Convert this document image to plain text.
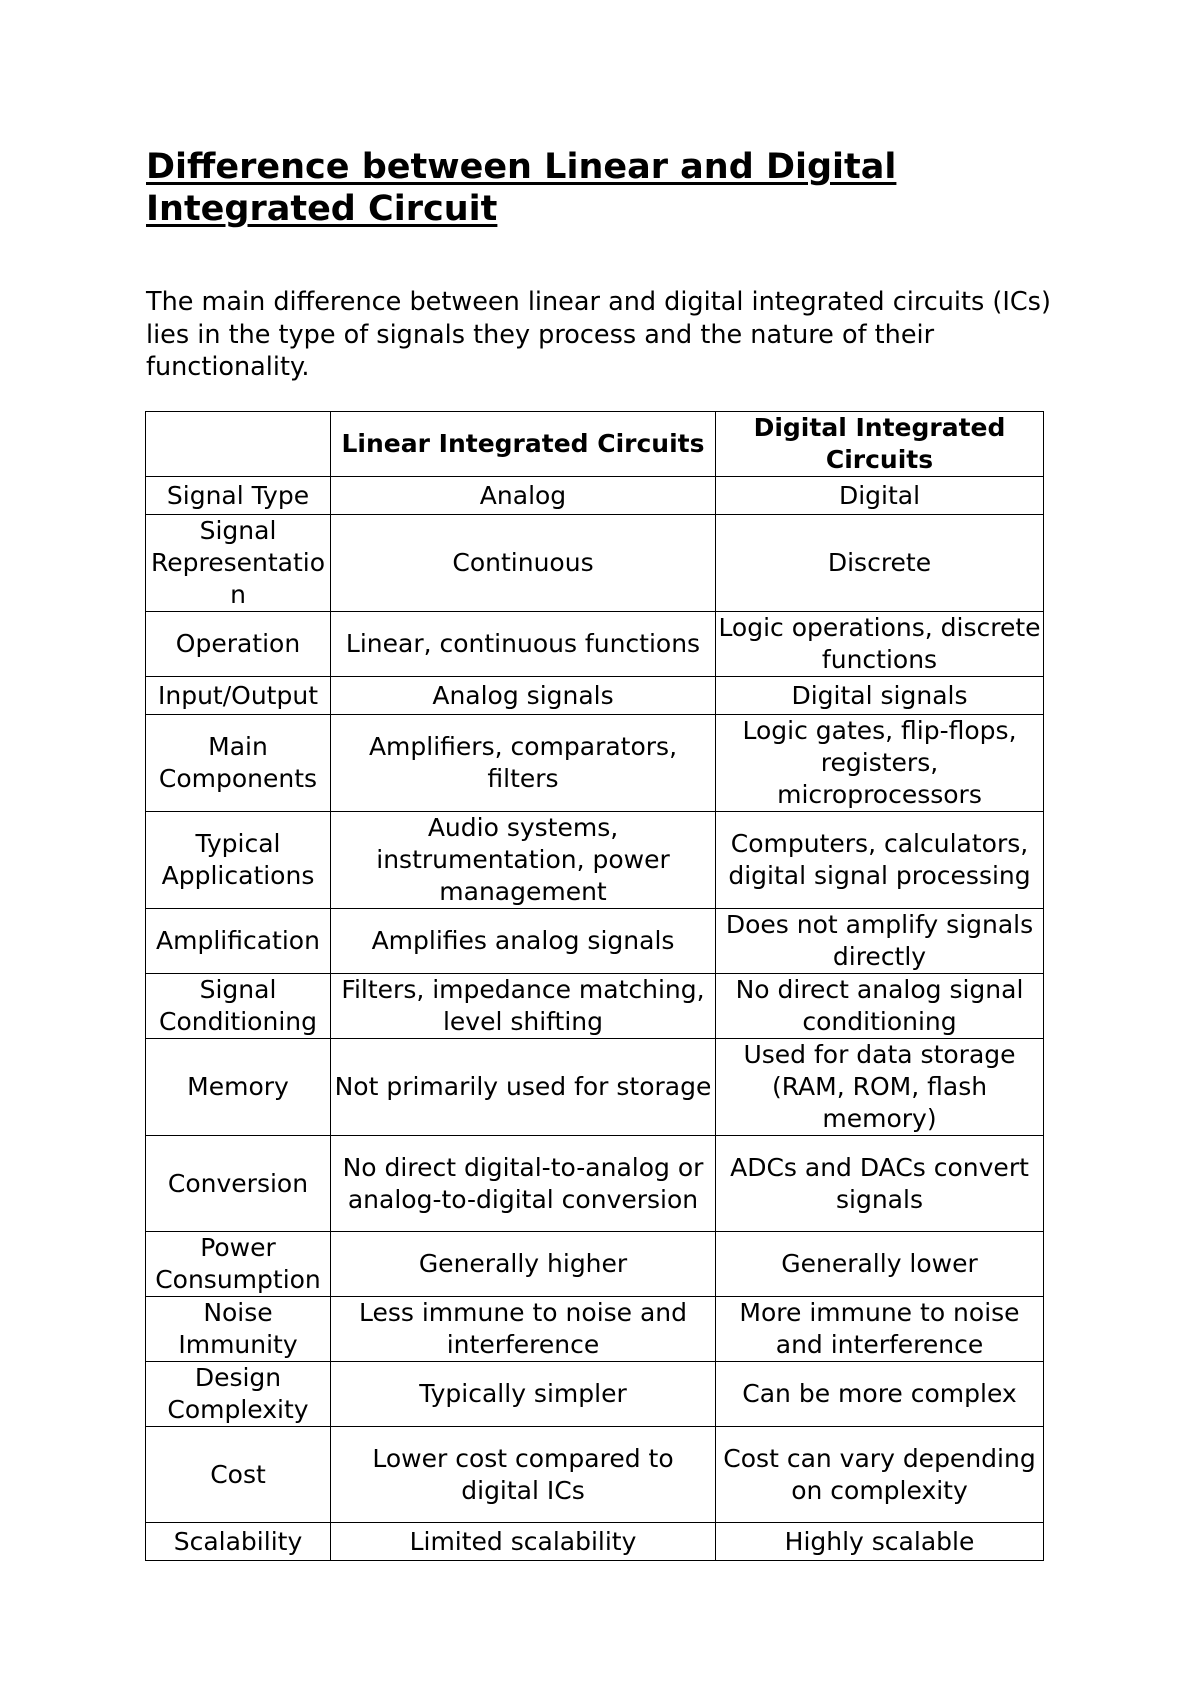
Difference between Linear and Digital Integrated Circuit

The main difference between linear and digital integrated circuits (ICs) lies in the type of signals they process and the nature of their functionality.

	Linear Integrated Circuits	Digital Integrated Circuits
Signal Type	Analog	Digital
Signal Representation	Continuous	Discrete
Operation	Linear, continuous functions	Logic operations, discrete functions
Input/Output	Analog signals	Digital signals
Main Components	Amplifiers, comparators, filters	Logic gates, flip-flops, registers, microprocessors
Typical Applications	Audio systems, instrumentation, power management	Computers, calculators, digital signal processing
Amplification	Amplifies analog signals	Does not amplify signals directly
Signal Conditioning	Filters, impedance matching, level shifting	No direct analog signal conditioning
Memory	Not primarily used for storage	Used for data storage (RAM, ROM, flash memory)
Conversion	No direct digital-to-analog or analog-to-digital conversion	ADCs and DACs convert signals
Power Consumption	Generally higher	Generally lower
Noise Immunity	Less immune to noise and interference	More immune to noise and interference
Design Complexity	Typically simpler	Can be more complex
Cost	Lower cost compared to digital ICs	Cost can vary depending on complexity
Scalability	Limited scalability	Highly scalable
